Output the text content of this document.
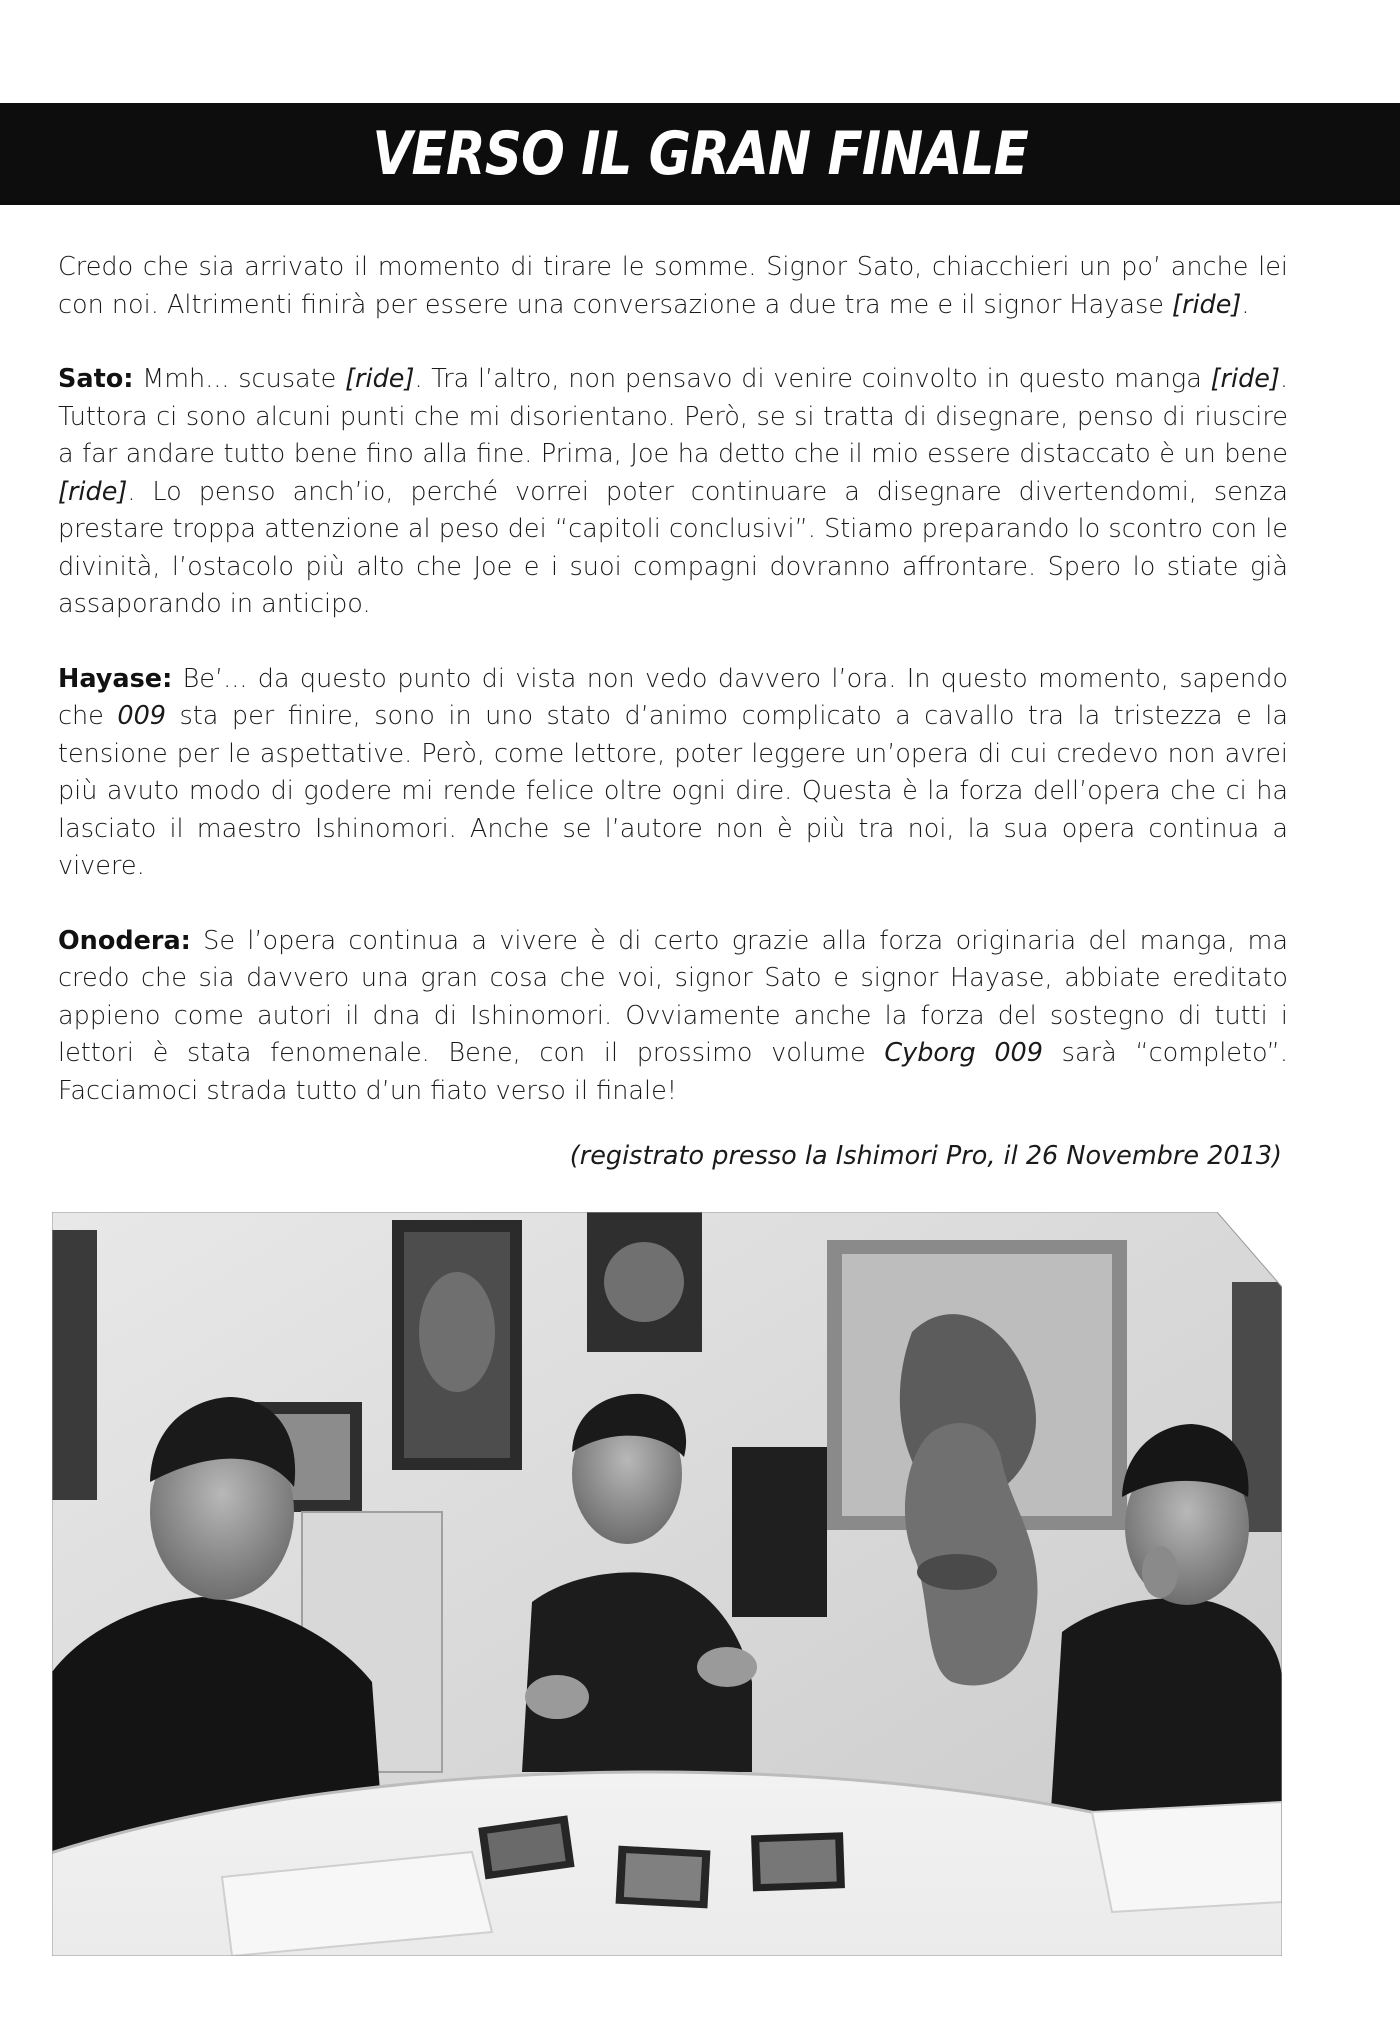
VERSO IL GRAN FINALE

Credo che sia arrivato il momento di tirare le somme. Signor Sato, chiacchieri un po’ anche lei con noi. Altrimenti finirà per essere una conversazione a due tra me e il signor Hayase [ride].

Sato: Mmh... scusate [ride]. Tra l’altro, non pensavo di venire coinvolto in questo manga [ride]. Tuttora ci sono alcuni punti che mi disorientano. Però, se si tratta di disegnare, penso di riuscire a far andare tutto bene fino alla fine. Prima, Joe ha detto che il mio essere distaccato è un bene [ride]. Lo penso anch’io, perché vorrei poter continuare a disegnare divertendomi, senza prestare troppa attenzione al peso dei “capitoli conclusivi”. Stiamo preparando lo scontro con le divinità, l’ostacolo più alto che Joe e i suoi compagni dovranno affrontare. Spero lo stiate già assaporando in anticipo.

Hayase: Be’... da questo punto di vista non vedo davvero l’ora. In questo momento, sapendo che 009 sta per finire, sono in uno stato d’animo complicato a cavallo tra la tristezza e la tensione per le aspettative. Però, come lettore, poter leggere un’opera di cui credevo non avrei più avuto modo di godere mi rende felice oltre ogni dire. Questa è la forza dell’opera che ci ha lasciato il maestro Ishinomori. Anche se l’autore non è più tra noi, la sua opera continua a vivere.

Onodera: Se l’opera continua a vivere è di certo grazie alla forza originaria del manga, ma credo che sia davvero una gran cosa che voi, signor Sato e signor Hayase, abbiate ereditato appieno come autori il dna di Ishinomori. Ovviamente anche la forza del sostegno di tutti i lettori è stata fenomenale. Bene, con il prossimo volume Cyborg 009 sarà “completo”. Facciamoci strada tutto d’un fiato verso il finale!

(registrato presso la Ishimori Pro, il 26 Novembre 2013)
